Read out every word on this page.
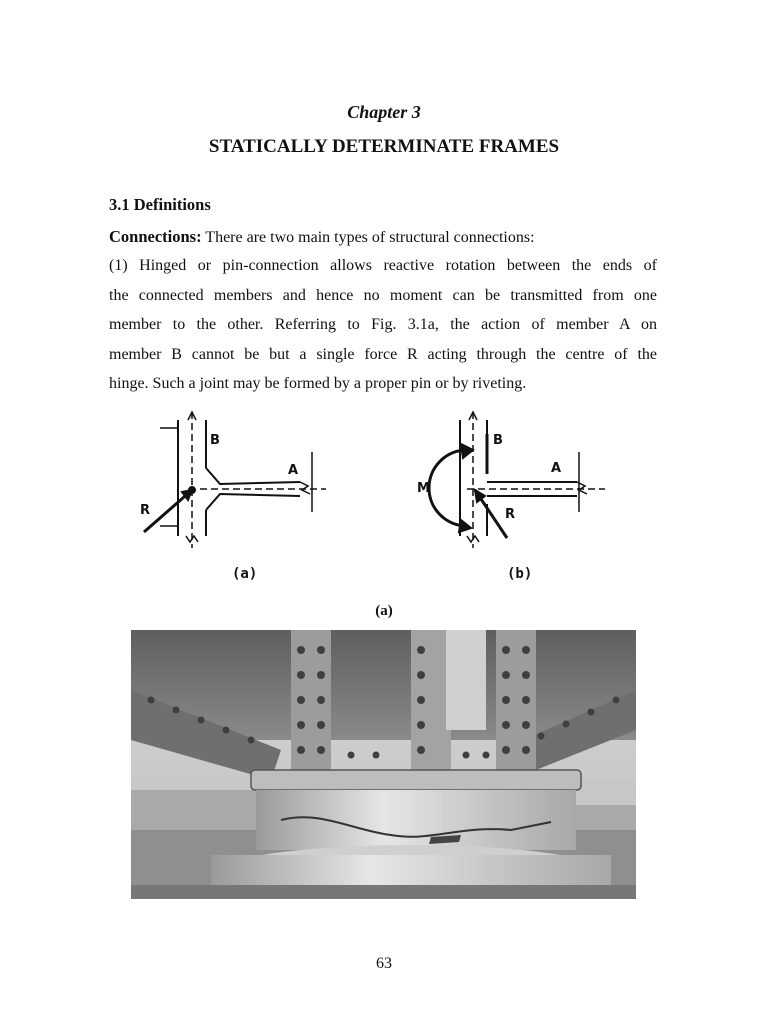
Chapter 3
STATICALLY DETERMINATE FRAMES
3.1 Definitions
Connections: There are two main types of structural connections:
(1) Hinged or pin-connection allows reactive rotation between the ends of
the connected members and hence no moment can be transmitted from one
member to the other. Referring to Fig. 3.1a, the action of member A on
member B cannot be but a single force R acting through the centre of the
hinge. Such a joint may be formed by a proper pin or by riveting.
B
A
R
(a)
B
A
M
R
(b)
(a)
63
